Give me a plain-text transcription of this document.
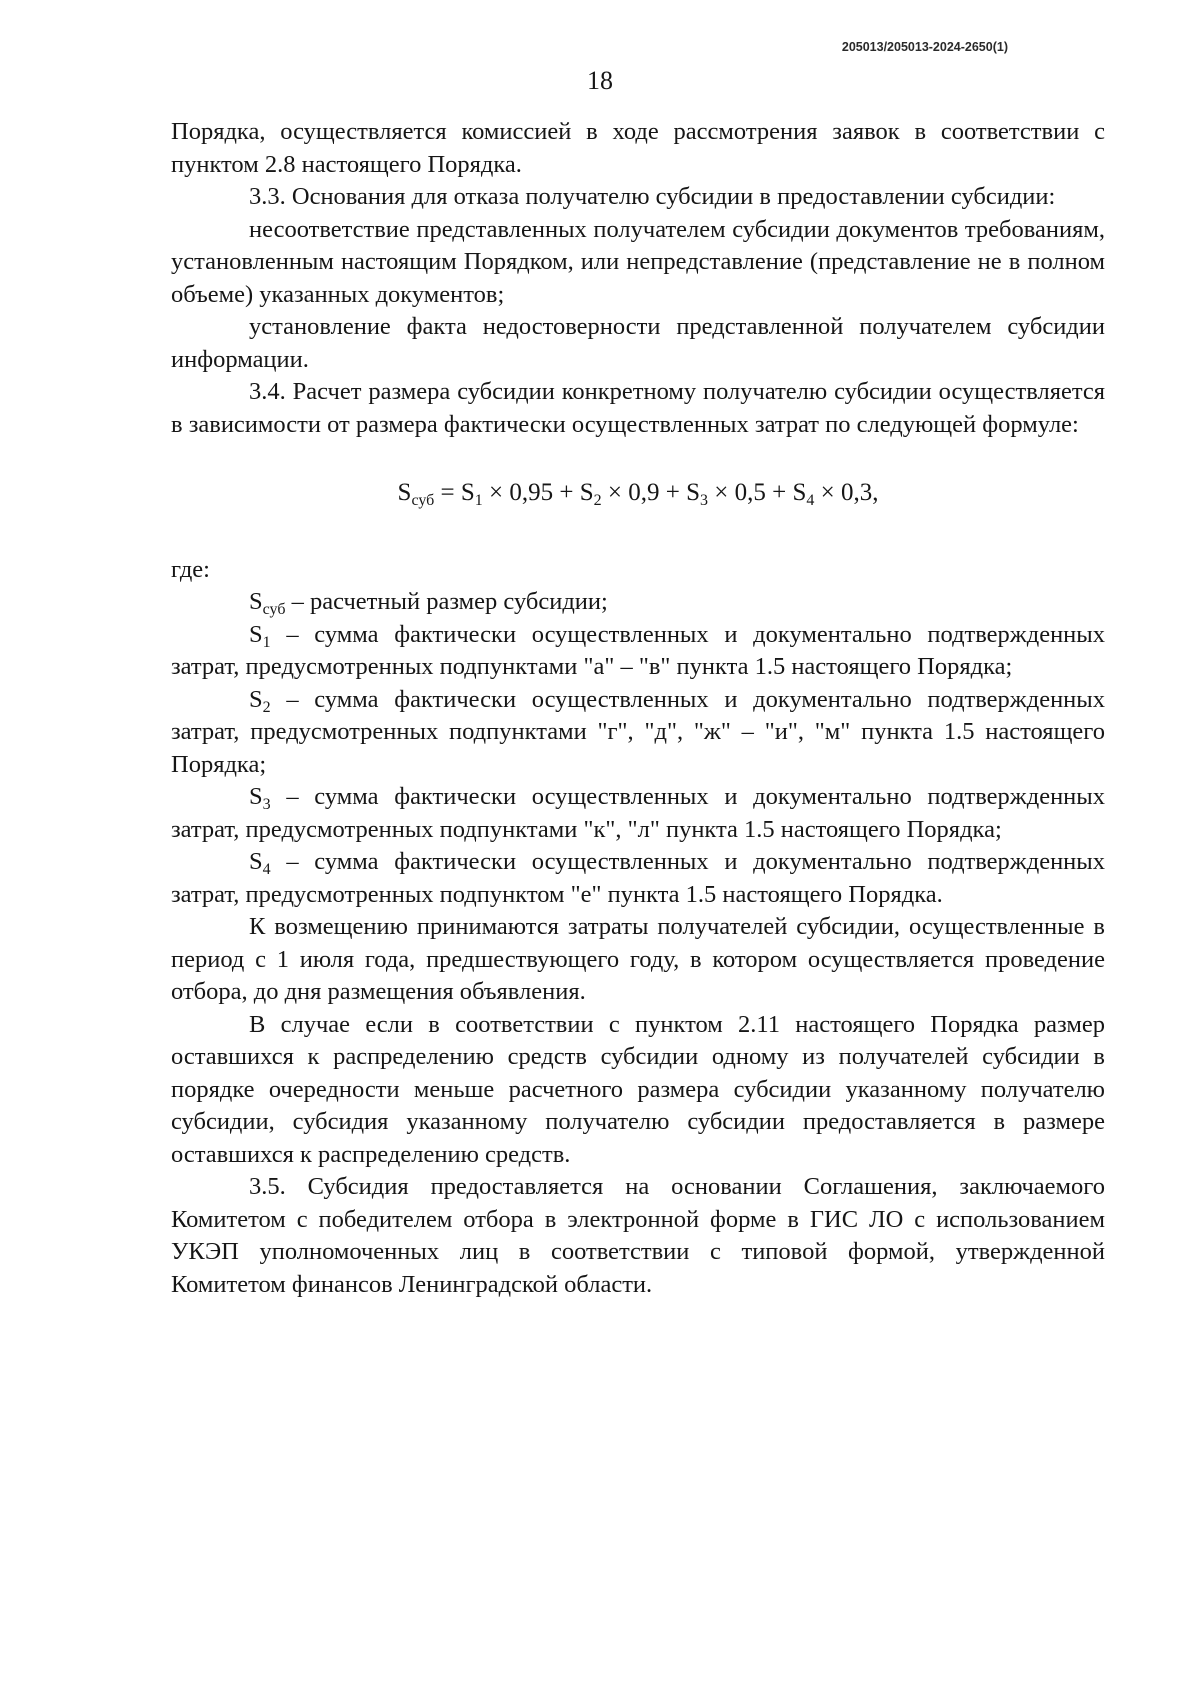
205013/205013-2024-2650(1)
18

Порядка, осуществляется комиссией в ходе рассмотрения заявок в соответствии с пунктом 2.8 настоящего Порядка.

3.3. Основания для отказа получателю субсидии в предоставлении субсидии:

несоответствие представленных получателем субсидии документов требованиям, установленным настоящим Порядком, или непредставление (представление не в полном объеме) указанных документов;

установление факта недостоверности представленной получателем субсидии информации.

3.4. Расчет размера субсидии конкретному получателю субсидии осуществляется в зависимости от размера фактически осуществленных затрат по следующей формуле:

$S_{суб} = S_1 \times 0,95 + S_2 \times 0,9 + S_3 \times 0,5 + S_4 \times 0,3$,

где:

$S_{суб}$ – расчетный размер субсидии;

$S_1$ – сумма фактически осуществленных и документально подтвержденных затрат, предусмотренных подпунктами "а" – "в" пункта 1.5 настоящего Порядка;

$S_2$ – сумма фактически осуществленных и документально подтвержденных затрат, предусмотренных подпунктами "г", "д", "ж" – "и", "м" пункта 1.5 настоящего Порядка;

$S_3$ – сумма фактически осуществленных и документально подтвержденных затрат, предусмотренных подпунктами "к", "л" пункта 1.5 настоящего Порядка;

$S_4$ – сумма фактически осуществленных и документально подтвержденных затрат, предусмотренных подпунктом "е" пункта 1.5 настоящего Порядка.

К возмещению принимаются затраты получателей субсидии, осуществленные в период с 1 июля года, предшествующего году, в котором осуществляется проведение отбора, до дня размещения объявления.

В случае если в соответствии с пунктом 2.11 настоящего Порядка размер оставшихся к распределению средств субсидии одному из получателей субсидии в порядке очередности меньше расчетного размера субсидии указанному получателю субсидии, субсидия указанному получателю субсидии предоставляется в размере оставшихся к распределению средств.

3.5. Субсидия предоставляется на основании Соглашения, заключаемого Комитетом с победителем отбора в электронной форме в ГИС ЛО с использованием УКЭП уполномоченных лиц в соответствии с типовой формой, утвержденной Комитетом финансов Ленинградской области.
